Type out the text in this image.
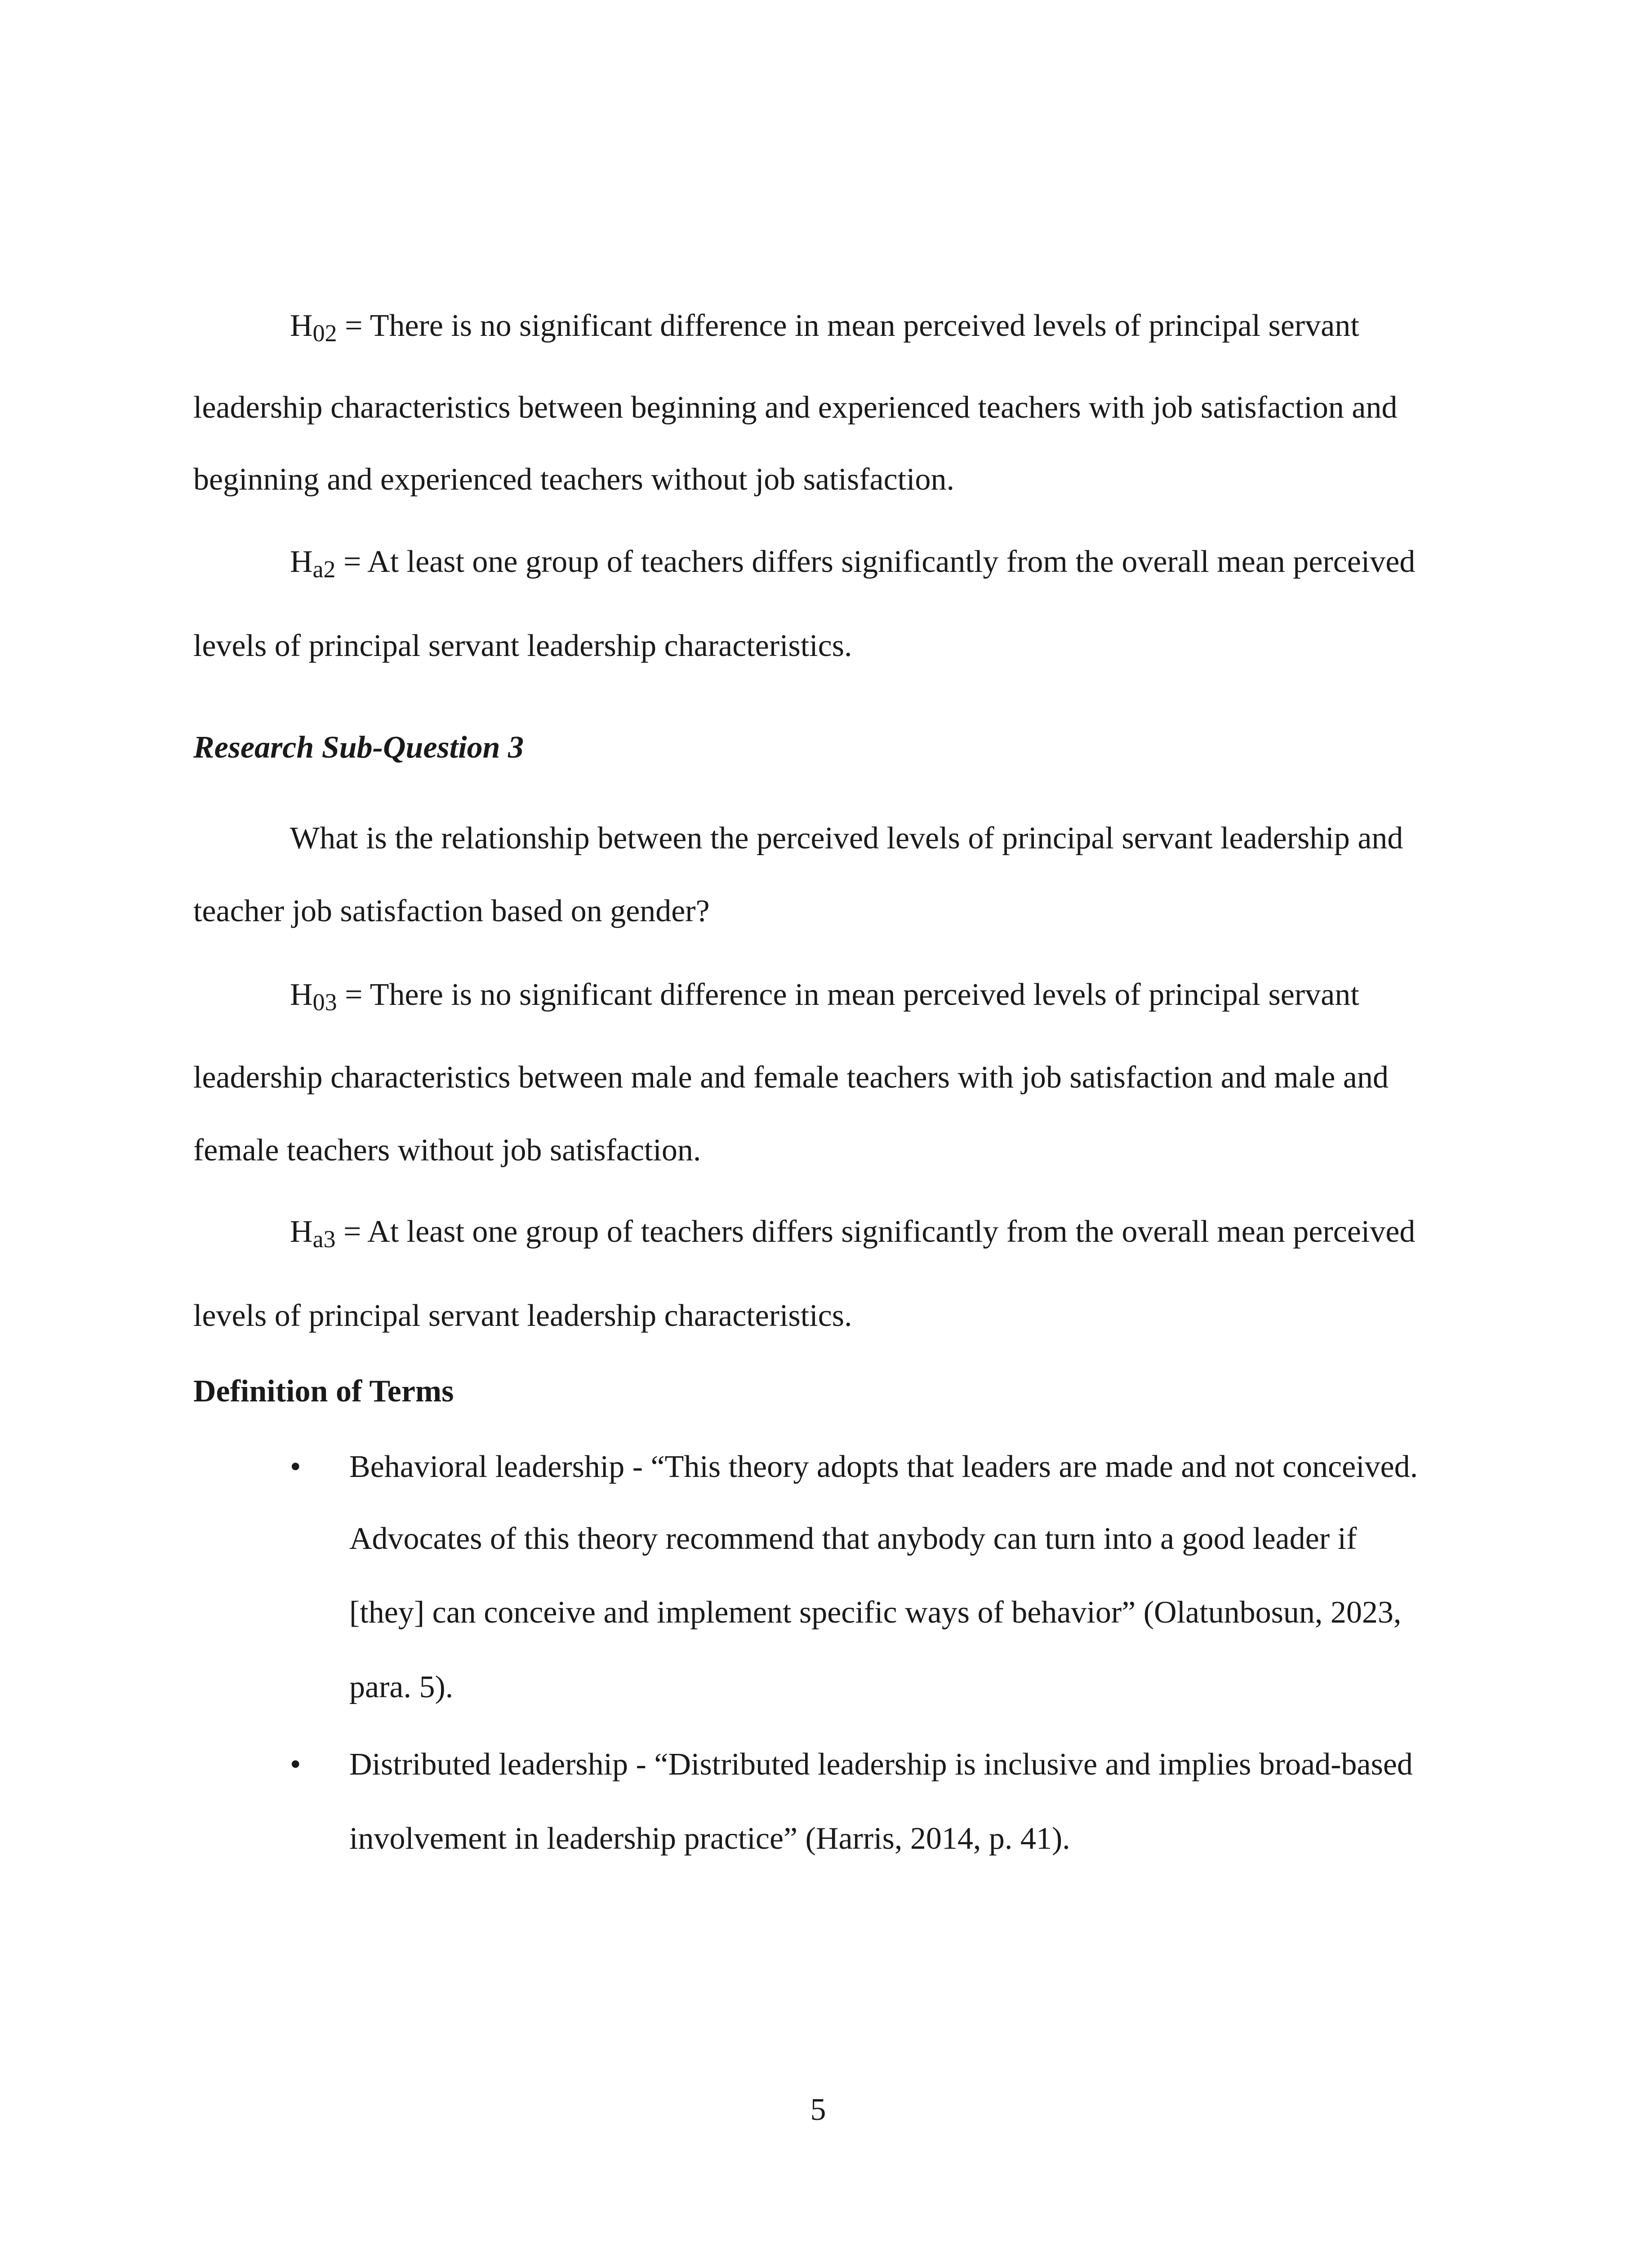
H02 = There is no significant difference in mean perceived levels of principal servant
leadership characteristics between beginning and experienced teachers with job satisfaction and
beginning and experienced teachers without job satisfaction.
Ha2 = At least one group of teachers differs significantly from the overall mean perceived
levels of principal servant leadership characteristics.
Research Sub-Question 3
What is the relationship between the perceived levels of principal servant leadership and
teacher job satisfaction based on gender?
H03 = There is no significant difference in mean perceived levels of principal servant
leadership characteristics between male and female teachers with job satisfaction and male and
female teachers without job satisfaction.
Ha3 = At least one group of teachers differs significantly from the overall mean perceived
levels of principal servant leadership characteristics.
Definition of Terms
• Behavioral leadership - “This theory adopts that leaders are made and not conceived.
Advocates of this theory recommend that anybody can turn into a good leader if
[they] can conceive and implement specific ways of behavior” (Olatunbosun, 2023,
para. 5).
• Distributed leadership - “Distributed leadership is inclusive and implies broad-based
involvement in leadership practice” (Harris, 2014, p. 41).
5
